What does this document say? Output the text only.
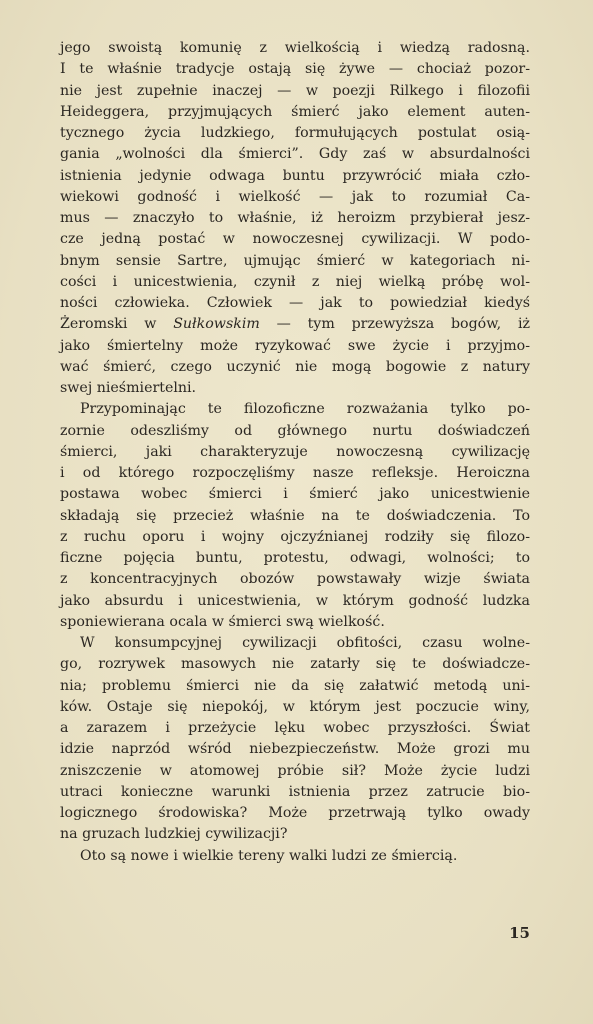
jego swoistą komunię z wielkością i wiedzą radosną.
I te właśnie tradycje ostają się żywe — chociaż pozor-
nie jest zupełnie inaczej — w poezji Rilkego i filozofii
Heideggera, przyjmujących śmierć jako element auten-
tycznego życia ludzkiego, formułujących postulat osią-
gania „wolności dla śmierci”. Gdy zaś w absurdalności
istnienia jedynie odwaga buntu przywrócić miała czło-
wiekowi godność i wielkość — jak to rozumiał Ca-
mus — znaczyło to właśnie, iż heroizm przybierał jesz-
cze jedną postać w nowoczesnej cywilizacji. W podo-
bnym sensie Sartre, ujmując śmierć w kategoriach ni-
cości i unicestwienia, czynił z niej wielką próbę wol-
ności człowieka. Człowiek — jak to powiedział kiedyś
Żeromski w Sułkowskim — tym przewyższa bogów, iż
jako śmiertelny może ryzykować swe życie i przyjmo-
wać śmierć, czego uczynić nie mogą bogowie z natury
swej nieśmiertelni.
Przypominając te filozoficzne rozważania tylko po-
zornie odeszliśmy od głównego nurtu doświadczeń
śmierci, jaki charakteryzuje nowoczesną cywilizację
i od którego rozpoczęliśmy nasze refleksje. Heroiczna
postawa wobec śmierci i śmierć jako unicestwienie
składają się przecież właśnie na te doświadczenia. To
z ruchu oporu i wojny ojczyźnianej rodziły się filozo-
ficzne pojęcia buntu, protestu, odwagi, wolności; to
z koncentracyjnych obozów powstawały wizje świata
jako absurdu i unicestwienia, w którym godność ludzka
sponiewierana ocala w śmierci swą wielkość.
W konsumpcyjnej cywilizacji obfitości, czasu wolne-
go, rozrywek masowych nie zatarły się te doświadcze-
nia; problemu śmierci nie da się załatwić metodą uni-
ków. Ostaje się niepokój, w którym jest poczucie winy,
a zarazem i przeżycie lęku wobec przyszłości. Świat
idzie naprzód wśród niebezpieczeństw. Może grozi mu
zniszczenie w atomowej próbie sił? Może życie ludzi
utraci konieczne warunki istnienia przez zatrucie bio-
logicznego środowiska? Może przetrwają tylko owady
na gruzach ludzkiej cywilizacji?
Oto są nowe i wielkie tereny walki ludzi ze śmiercią.
15
